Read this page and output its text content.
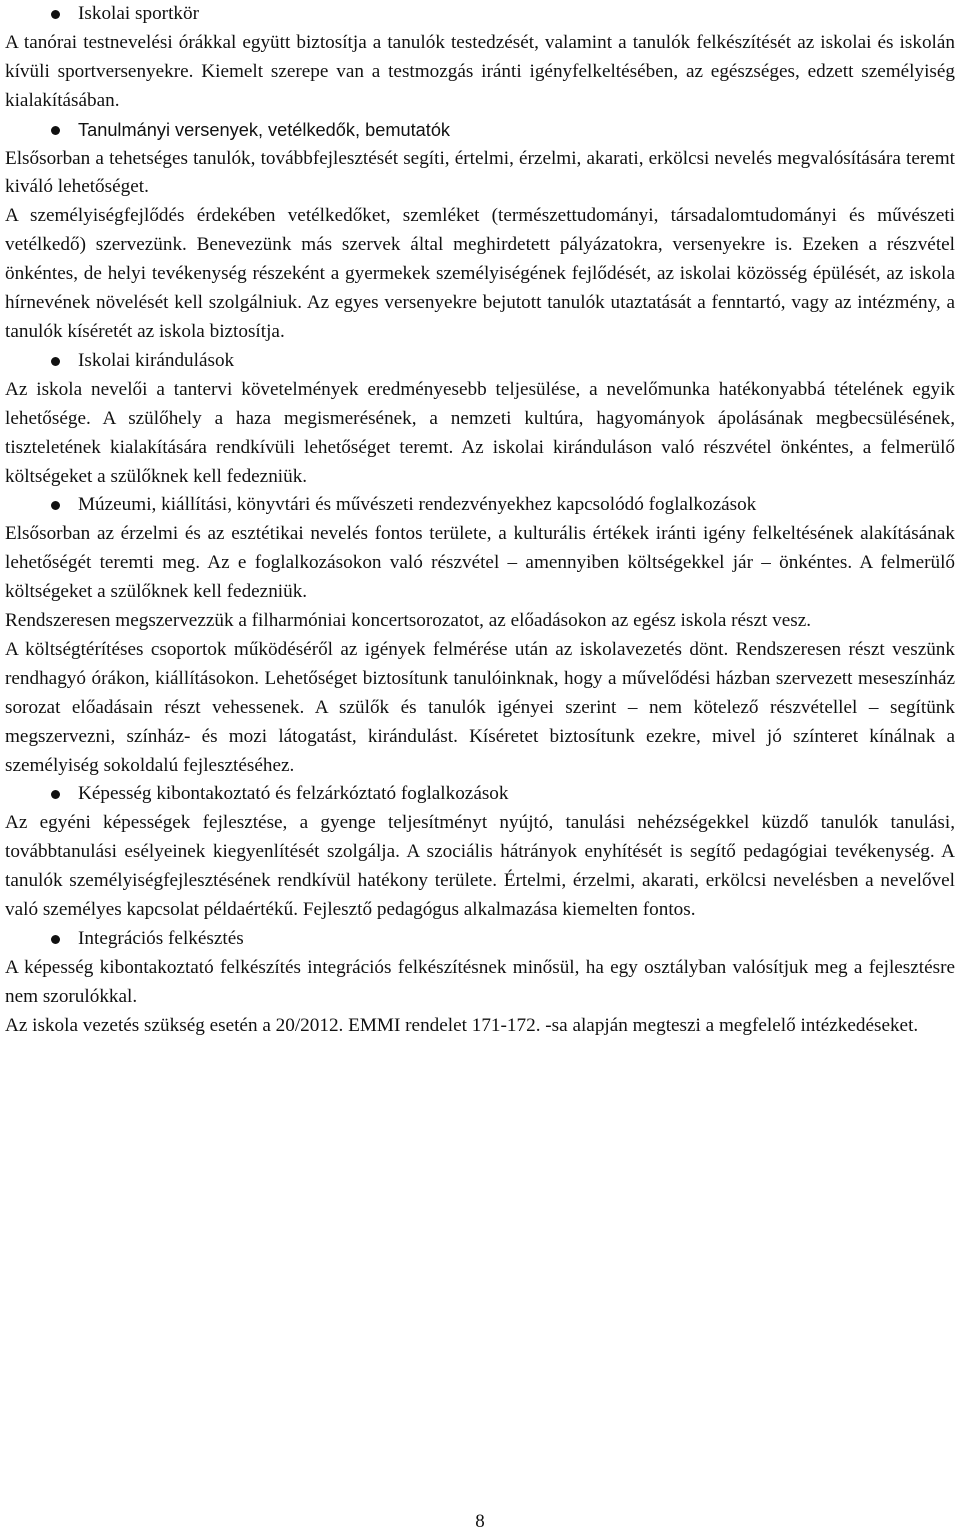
Iskolai sportkör

A tanórai testnevelési órákkal együtt biztosítja a tanulók testedzését, valamint a tanulók felkészítését az iskolai és iskolán kívüli sportversenyekre. Kiemelt szerepe van a testmozgás iránti igényfelkeltésében, az egészséges, edzett személyiség kialakításában.

Tanulmányi versenyek, vetélkedők, bemutatók

Elsősorban a tehetséges tanulók, továbbfejlesztését segíti, értelmi, érzelmi, akarati, erkölcsi nevelés megvalósítására teremt kiváló lehetőséget.

A személyiségfejlődés érdekében vetélkedőket, szemléket (természettudományi, társadalomtudományi és művészeti vetélkedő) szervezünk. Benevezünk más szervek által meghirdetett pályázatokra, versenyekre is. Ezeken a részvétel önkéntes, de helyi tevékenység részeként a gyermekek személyiségének fejlődését, az iskolai közösség épülését, az iskola hírnevének növelését kell szolgálniuk. Az egyes versenyekre bejutott tanulók utaztatását a fenntartó, vagy az intézmény, a tanulók kíséretét az iskola biztosítja.

Iskolai kirándulások

Az iskola nevelői a tantervi követelmények eredményesebb teljesülése, a nevelőmunka hatékonyabbá tételének egyik lehetősége. A szülőhely a haza megismerésének, a nemzeti kultúra, hagyományok ápolásának megbecsülésének, tiszteletének kialakítására rendkívüli lehetőséget teremt. Az iskolai kiránduláson való részvétel önkéntes, a felmerülő költségeket a szülőknek kell fedezniük.

Múzeumi, kiállítási, könyvtári és művészeti rendezvényekhez kapcsolódó foglalkozások

Elsősorban az érzelmi és az esztétikai nevelés fontos területe, a kulturális értékek iránti igény felkeltésének alakításának lehetőségét teremti meg. Az e foglalkozásokon való részvétel – amennyiben költségekkel jár – önkéntes. A felmerülő költségeket a szülőknek kell fedezniük.

Rendszeresen megszervezzük a filharmóniai koncertsorozatot, az előadásokon az egész iskola részt vesz.

A költségtérítéses csoportok működéséről az igények felmérése után az iskolavezetés dönt. Rendszeresen részt veszünk rendhagyó órákon, kiállításokon. Lehetőséget biztosítunk tanulóinknak, hogy a művelődési házban szervezett meseszínház sorozat előadásain részt vehessenek. A szülők és tanulók igényei szerint – nem kötelező részvétellel – segítünk megszervezni, színház- és mozi látogatást, kirándulást. Kíséretet biztosítunk ezekre, mivel jó színteret kínálnak a személyiség sokoldalú fejlesztéséhez.

Képesség kibontakoztató és felzárkóztató foglalkozások

Az egyéni képességek fejlesztése, a gyenge teljesítményt nyújtó, tanulási nehézségekkel küzdő tanulók tanulási, továbbtanulási esélyeinek kiegyenlítését szolgálja. A szociális hátrányok enyhítését is segítő pedagógiai tevékenység. A tanulók személyiségfejlesztésének rendkívül hatékony területe. Értelmi, érzelmi, akarati, erkölcsi nevelésben a nevelővel való személyes kapcsolat példaértékű. Fejlesztő pedagógus alkalmazása kiemelten fontos.

Integrációs felkésztés

A képesség kibontakoztató felkészítés integrációs felkészítésnek minősül, ha egy osztályban valósítjuk meg a fejlesztésre nem szorulókkal.

Az iskola vezetés szükség esetén a 20/2012. EMMI rendelet 171-172. -sa alapján megteszi a megfelelő intézkedéseket.

8
